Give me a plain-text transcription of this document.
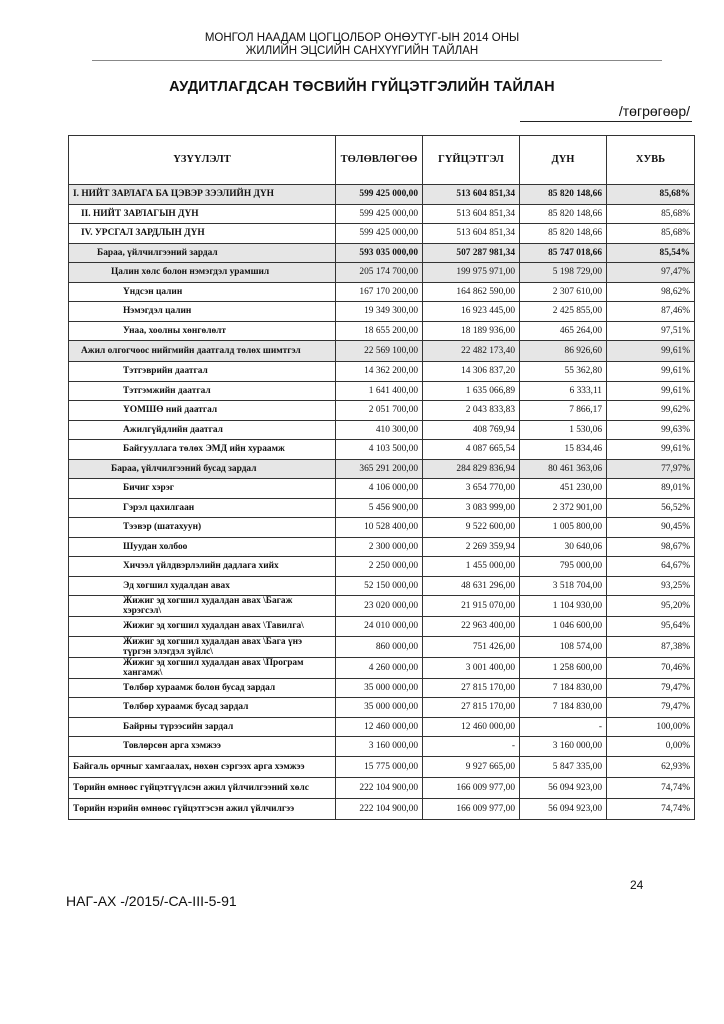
МОНГОЛ НААДАМ ЦОГЦОЛБОР ОНӨУТҮГ-ЫН 2014 ОНЫ
ЖИЛИЙН ЭЦСИЙН САНХҮҮГИЙН ТАЙЛАН
АУДИТЛАГДСАН ТӨСВИЙН ГҮЙЦЭТГЭЛИЙН ТАЙЛАН
/төгрөгөөр/
ҮЗҮҮЛЭЛТ	ТӨЛӨВЛӨГӨӨ	ГҮЙЦЭТГЭЛ	ДҮН	ХУВЬ
I. НИЙТ ЗАРЛАГА БА ЦЭВЭР ЗЭЭЛИЙН ДҮН	599 425 000,00	513 604 851,34	85 820 148,66	85,68%
II. НИЙТ ЗАРЛАГЫН ДҮН	599 425 000,00	513 604 851,34	85 820 148,66	85,68%
IV. УРСГАЛ ЗАРДЛЫН ДҮН	599 425 000,00	513 604 851,34	85 820 148,66	85,68%
Бараа, үйлчилгээний зардал	593 035 000,00	507 287 981,34	85 747 018,66	85,54%
Цалин хөлс болон нэмэгдэл урамшил	205 174 700,00	199 975 971,00	5 198 729,00	97,47%
Үндсэн цалин	167 170 200,00	164 862 590,00	2 307 610,00	98,62%
Нэмэгдэл цалин	19 349 300,00	16 923 445,00	2 425 855,00	87,46%
Унаа, хоолны хөнгөлөлт	18 655 200,00	18 189 936,00	465 264,00	97,51%
Ажил олгогчоос нийгмийн даатгалд төлөх шимтгэл	22 569 100,00	22 482 173,40	86 926,60	99,61%
Тэтгэврийн даатгал	14 362 200,00	14 306 837,20	55 362,80	99,61%
Тэтгэмжийн даатгал	1 641 400,00	1 635 066,89	6 333,11	99,61%
ҮОМШӨ ний даатгал	2 051 700,00	2 043 833,83	7 866,17	99,62%
Ажилгүйдлийн даатгал	410 300,00	408 769,94	1 530,06	99,63%
Байгууллага төлөх ЭМД ийн хураамж	4 103 500,00	4 087 665,54	15 834,46	99,61%
Бараа, үйлчилгээний бусад зардал	365 291 200,00	284 829 836,94	80 461 363,06	77,97%
Бичиг хэрэг	4 106 000,00	3 654 770,00	451 230,00	89,01%
Гэрэл цахилгаан	5 456 900,00	3 083 999,00	2 372 901,00	56,52%
Тээвэр (шатахуун)	10 528 400,00	9 522 600,00	1 005 800,00	90,45%
Шуудан холбоо	2 300 000,00	2 269 359,94	30 640,06	98,67%
Хичээл үйлдвэрлэлийн дадлага хийх	2 250 000,00	1 455 000,00	795 000,00	64,67%
Эд хогшил худалдан авах	52 150 000,00	48 631 296,00	3 518 704,00	93,25%
Жижиг эд хогшил худалдан авах \Багаж хэрэгсэл\	23 020 000,00	21 915 070,00	1 104 930,00	95,20%
Жижиг эд хогшил худалдан авах \Тавилга\	24 010 000,00	22 963 400,00	1 046 600,00	95,64%
Жижиг эд хогшил худалдан авах \Бага үнэ түргэн элэгдэл зүйлс\	860 000,00	751 426,00	108 574,00	87,38%
Жижиг эд хогшил худалдан авах \Програм хангамж\	4 260 000,00	3 001 400,00	1 258 600,00	70,46%
Төлбөр хураамж болон бусад зардал	35 000 000,00	27 815 170,00	7 184 830,00	79,47%
Төлбөр хураамж бусад зардал	35 000 000,00	27 815 170,00	7 184 830,00	79,47%
Байрны түрээсийн зардал	12 460 000,00	12 460 000,00	-	100,00%
Товлөрсөн арга хэмжээ	3 160 000,00	-	3 160 000,00	0,00%
Байгаль орчныг хамгаалах, нөхөн сэргээх арга хэмжээ	15 775 000,00	9 927 665,00	5 847 335,00	62,93%
Төрийн өмнөөс гүйцэтгүүлсэн ажил үйлчилгээний хөлс	222 104 900,00	166 009 977,00	56 094 923,00	74,74%
Төрийн нэрийн өмнөөс гүйцэтгэсэн ажил үйлчилгээ	222 104 900,00	166 009 977,00	56 094 923,00	74,74%
24
НАГ-АХ -/2015/-СА-III-5-91
